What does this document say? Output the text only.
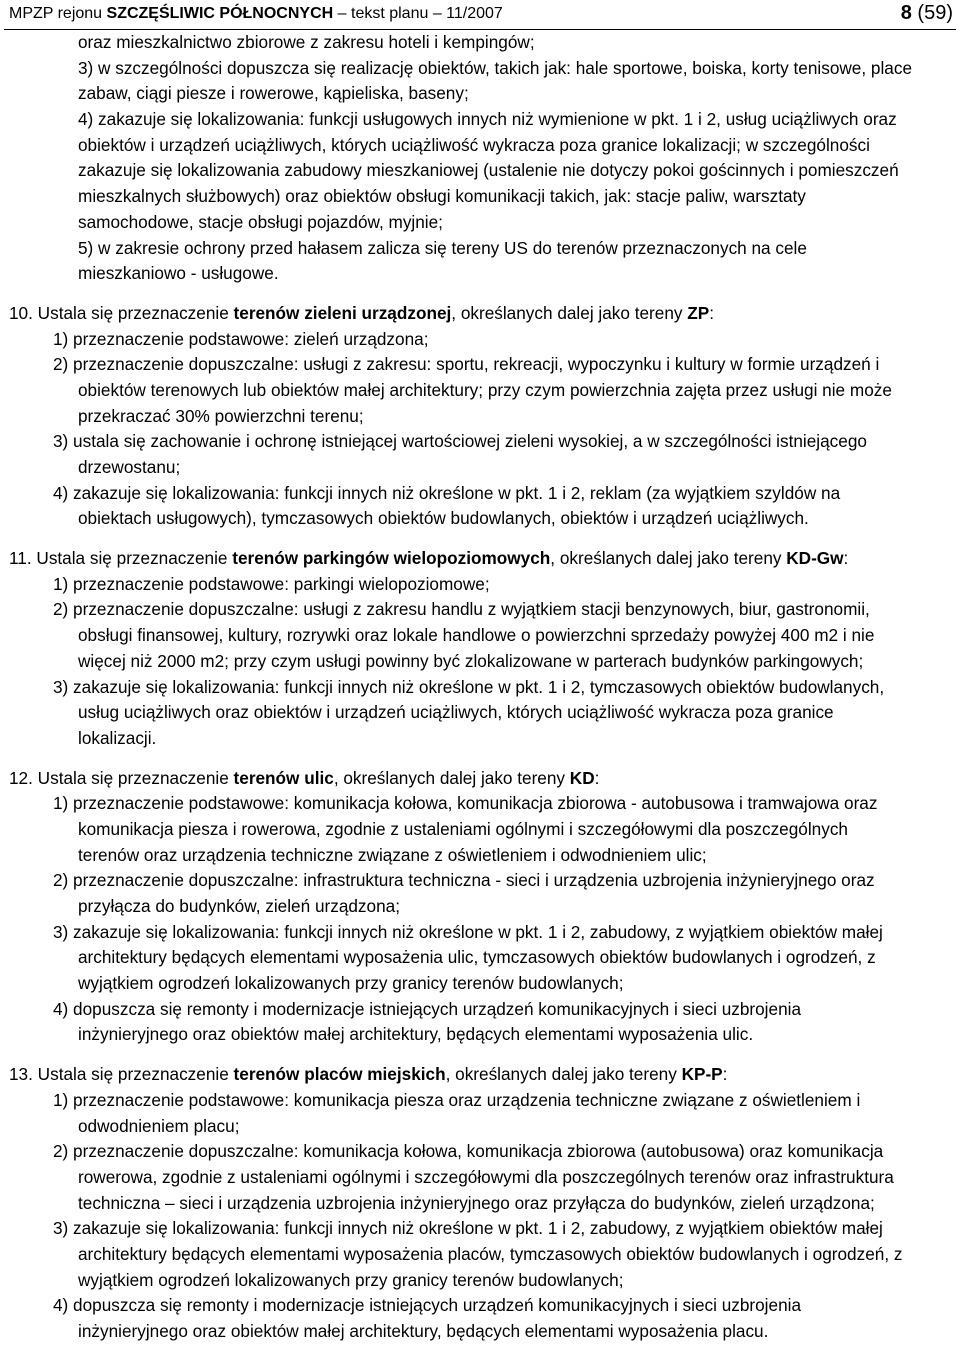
MPZP rejonu SZCZĘŚLIWIC PÓŁNOCNYCH – tekst planu – 11/2007	8 (59)
oraz mieszkalnictwo zbiorowe z zakresu hoteli i kempingów;
3) w szczególności dopuszcza się realizację obiektów, takich jak: hale sportowe, boiska, korty tenisowe, place
zabaw, ciągi piesze i rowerowe, kąpieliska, baseny;
4) zakazuje się lokalizowania: funkcji usługowych innych niż wymienione w pkt. 1 i 2, usług uciążliwych oraz
obiektów i urządzeń uciążliwych, których uciążliwość wykracza poza granice lokalizacji; w szczególności
zakazuje się lokalizowania zabudowy mieszkaniowej (ustalenie nie dotyczy pokoi gościnnych i pomieszczeń
mieszkalnych służbowych) oraz obiektów obsługi komunikacji takich, jak: stacje paliw, warsztaty
samochodowe, stacje obsługi pojazdów, myjnie;
5) w zakresie ochrony przed hałasem zalicza się tereny US do terenów przeznaczonych na cele
mieszkaniowo - usługowe.
10. Ustala się przeznaczenie terenów zieleni urządzonej, określanych dalej jako tereny ZP:
1) przeznaczenie podstawowe: zieleń urządzona;
2) przeznaczenie dopuszczalne: usługi z zakresu: sportu, rekreacji, wypoczynku i kultury w formie urządzeń i
obiektów terenowych lub obiektów małej architektury; przy czym powierzchnia zajęta przez usługi nie może
przekraczać 30% powierzchni terenu;
3) ustala się zachowanie i ochronę istniejącej wartościowej zieleni wysokiej, a w szczególności istniejącego
drzewostanu;
4) zakazuje się lokalizowania: funkcji innych niż określone w pkt. 1 i 2, reklam (za wyjątkiem szyldów na
obiektach usługowych), tymczasowych obiektów budowlanych, obiektów i urządzeń uciążliwych.
11. Ustala się przeznaczenie terenów parkingów wielopoziomowych, określanych dalej jako tereny KD-Gw:
1) przeznaczenie podstawowe: parkingi wielopoziomowe;
2) przeznaczenie dopuszczalne: usługi z zakresu handlu z wyjątkiem stacji benzynowych, biur, gastronomii,
obsługi finansowej, kultury, rozrywki oraz lokale handlowe o powierzchni sprzedaży powyżej 400 m2 i nie
więcej niż 2000 m2; przy czym usługi powinny być zlokalizowane w parterach budynków parkingowych;
3) zakazuje się lokalizowania: funkcji innych niż określone w pkt. 1 i 2, tymczasowych obiektów budowlanych,
usług uciążliwych oraz obiektów i urządzeń uciążliwych, których uciążliwość wykracza poza granice
lokalizacji.
12. Ustala się przeznaczenie terenów ulic, określanych dalej jako tereny KD:
1) przeznaczenie podstawowe: komunikacja kołowa, komunikacja zbiorowa - autobusowa i tramwajowa oraz
komunikacja piesza i rowerowa, zgodnie z ustaleniami ogólnymi i szczegółowymi dla poszczególnych
terenów oraz urządzenia techniczne związane z oświetleniem i odwodnieniem ulic;
2) przeznaczenie dopuszczalne: infrastruktura techniczna - sieci i urządzenia uzbrojenia inżynieryjnego oraz
przyłącza do budynków, zieleń urządzona;
3) zakazuje się lokalizowania: funkcji innych niż określone w pkt. 1 i 2, zabudowy, z wyjątkiem obiektów małej
architektury będących elementami wyposażenia ulic, tymczasowych obiektów budowlanych i ogrodzeń, z
wyjątkiem ogrodzeń lokalizowanych przy granicy terenów budowlanych;
4) dopuszcza się remonty i modernizacje istniejących urządzeń komunikacyjnych i sieci uzbrojenia
inżynieryjnego oraz obiektów małej architektury, będących elementami wyposażenia ulic.
13. Ustala się przeznaczenie terenów placów miejskich, określanych dalej jako tereny KP-P:
1) przeznaczenie podstawowe: komunikacja piesza oraz urządzenia techniczne związane z oświetleniem i
odwodnieniem placu;
2) przeznaczenie dopuszczalne: komunikacja kołowa, komunikacja zbiorowa (autobusowa) oraz komunikacja
rowerowa, zgodnie z ustaleniami ogólnymi i szczegółowymi dla poszczególnych terenów oraz infrastruktura
techniczna – sieci i urządzenia uzbrojenia inżynieryjnego oraz przyłącza do budynków, zieleń urządzona;
3) zakazuje się lokalizowania: funkcji innych niż określone w pkt. 1 i 2, zabudowy, z wyjątkiem obiektów małej
architektury będących elementami wyposażenia placów, tymczasowych obiektów budowlanych i ogrodzeń, z
wyjątkiem ogrodzeń lokalizowanych przy granicy terenów budowlanych;
4) dopuszcza się remonty i modernizacje istniejących urządzeń komunikacyjnych i sieci uzbrojenia
inżynieryjnego oraz obiektów małej architektury, będących elementami wyposażenia placu.
